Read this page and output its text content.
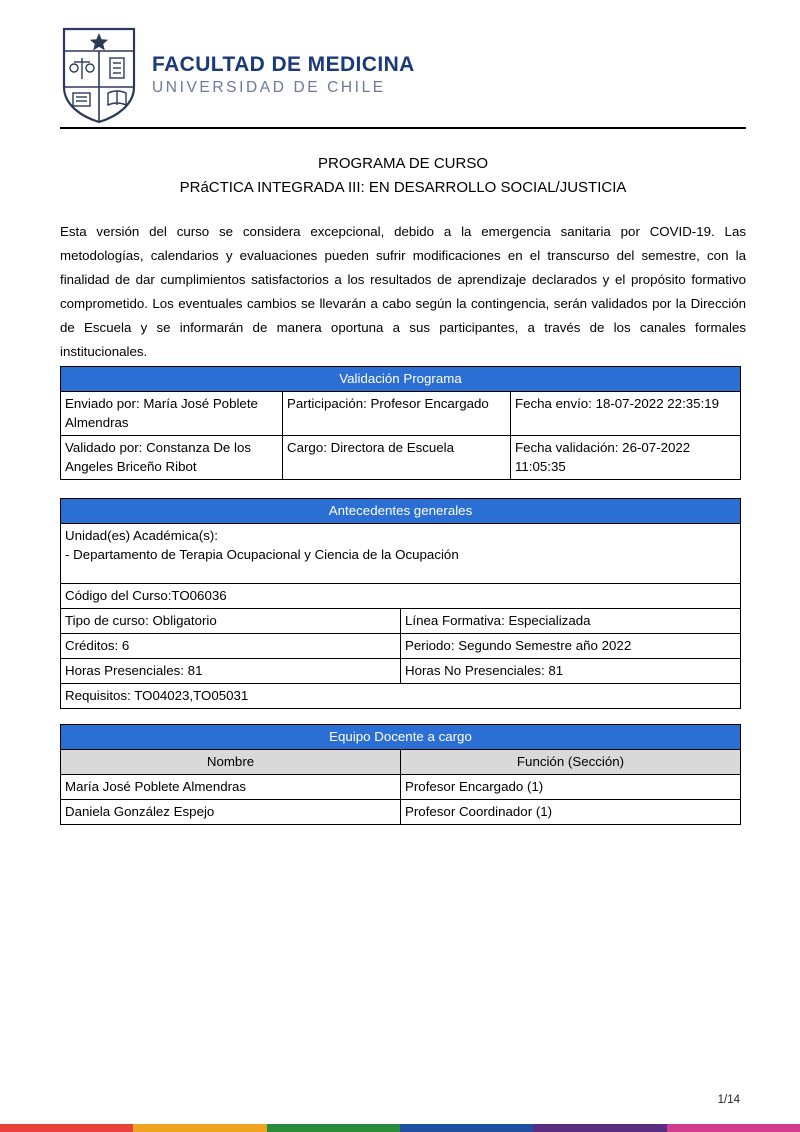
FACULTAD DE MEDICINA
UNIVERSIDAD DE CHILE
PROGRAMA DE CURSO
PRáCTICA INTEGRADA III: EN DESARROLLO SOCIAL/JUSTICIA
Esta versión del curso se considera excepcional, debido a la emergencia sanitaria por COVID-19. Las metodologías, calendarios y evaluaciones pueden sufrir modificaciones en el transcurso del semestre, con la finalidad de dar cumplimientos satisfactorios a los resultados de aprendizaje declarados y el propósito formativo comprometido. Los eventuales cambios se llevarán a cabo según la contingencia, serán validados por la Dirección de Escuela y se informarán de manera oportuna a sus participantes, a través de los canales formales institucionales.
Validación Programa		
Enviado por: María José Poblete Almendras	Participación: Profesor Encargado	Fecha envío: 18-07-2022 22:35:19
Validado por: Constanza De los Angeles Briceño Ribot	Cargo: Directora de Escuela	Fecha validación: 26-07-2022 11:05:35
Antecedentes generales	

Unidad(es) Académica(s):
- Departamento de Terapia Ocupacional y Ciencia de la Ocupación	

Código del Curso:TO06036	
Tipo de curso: Obligatorio	Línea Formativa: Especializada
Créditos: 6	Periodo: Segundo Semestre año 2022
Horas Presenciales: 81	Horas No Presenciales: 81
Requisitos: TO04023,TO05031	
Equipo Docente a cargo	
Nombre	Función (Sección)
María José Poblete Almendras	Profesor Encargado (1)
Daniela González Espejo	Profesor Coordinador (1)
1/14
